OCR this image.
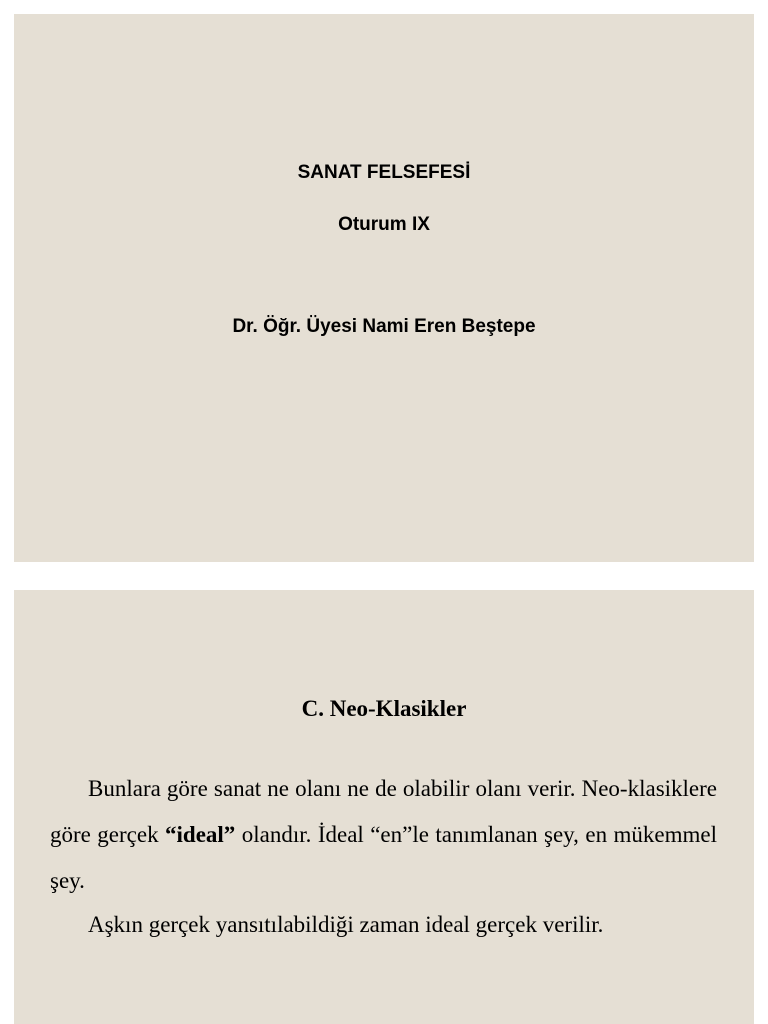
SANAT FELSEFESİ
Oturum IX
Dr. Öğr. Üyesi Nami Eren Beştepe
C. Neo-Klasikler

Bunlara göre sanat ne olanı ne de olabilir olanı verir. Neo-klasiklere göre gerçek “ideal” olandır. İdeal “en”le tanımlanan şey, en mükemmel şey.

Aşkın gerçek yansıtılabildiği zaman ideal gerçek verilir.
